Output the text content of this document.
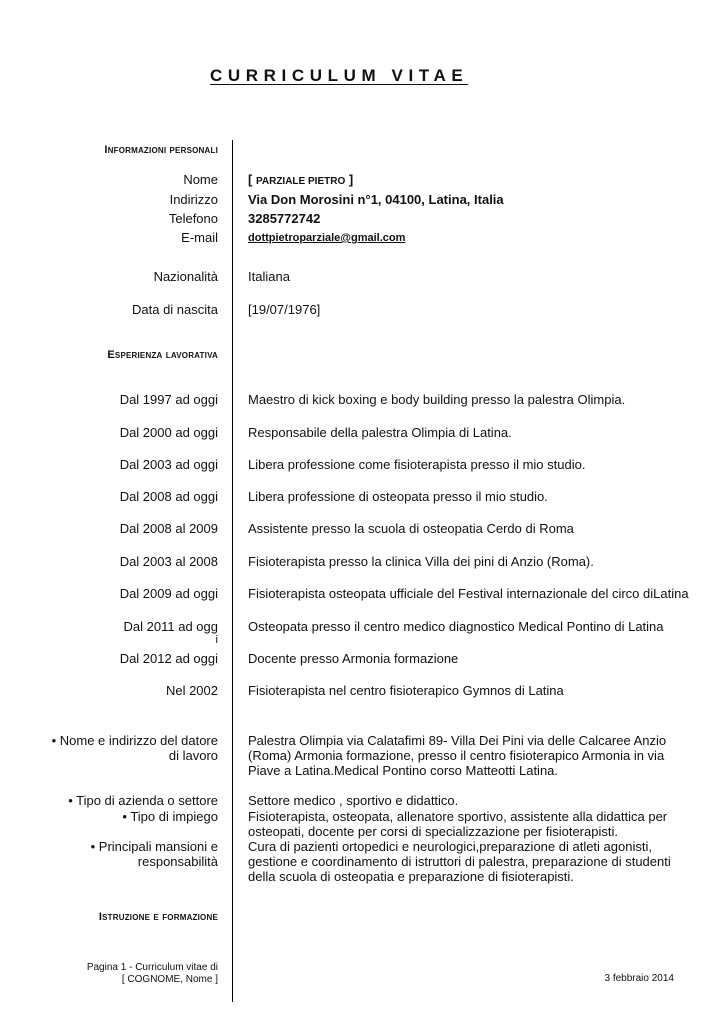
CURRICULUM VITAE
Informazioni personali
Nome [ PARZIALE PIETRO ]
Indirizzo Via Don Morosini n°1, 04100, Latina, Italia
Telefono 3285772742
E-mail	dottpietroparziale@gmail.com
Nazionalità Italiana
Data di nascita [19/07/1976]
Esperienza lavorativa
Dal 1997 ad oggi Maestro di kick boxing e body building presso la palestra Olimpia.
Dal 2000 ad oggi Responsabile della palestra Olimpia di Latina.
Dal 2003 ad oggi Libera professione come fisioterapista presso il mio studio.
Dal 2008 ad oggi Libera professione di osteopata presso il mio studio.
Dal 2008 al 2009 Assistente presso la scuola di osteopatia Cerdo di Roma
Dal 2003 al 2008 Fisioterapista presso la clinica Villa dei pini di Anzio (Roma).
Dal 2009 ad oggi Fisioterapista osteopata ufficiale del Festival internazionale del circo diLatina
Dal 2011 ad ogg
i
Osteopata presso il centro medico diagnostico Medical Pontino di Latina
Dal 2012 ad oggi Docente presso Armonia formazione
Nel 2002 Fisioterapista nel centro fisioterapico Gymnos di Latina
• Nome e indirizzo del datore di lavoro
Palestra Olimpia via Calatafimi 89- Villa Dei Pini via delle Calcaree Anzio (Roma) Armonia formazione, presso il centro fisioterapico Armonia in via Piave a Latina.Medical Pontino corso Matteotti Latina.
• Tipo di azienda o settore Settore medico , sportivo e didattico.
• Tipo di impiego Fisioterapista, osteopata, allenatore sportivo, assistente alla didattica per osteopati, docente per corsi di specializzazione per fisioterapisti.
• Principali mansioni e responsabilità
Cura di pazienti ortopedici e neurologici,preparazione di atleti agonisti, gestione e coordinamento di istruttori di palestra, preparazione di studenti della scuola di osteopatia e preparazione di fisioterapisti.
Istruzione e formazione
Pagina 1 - Curriculum vitae di
[ COGNOME, Nome ]	3 febbraio 2014
